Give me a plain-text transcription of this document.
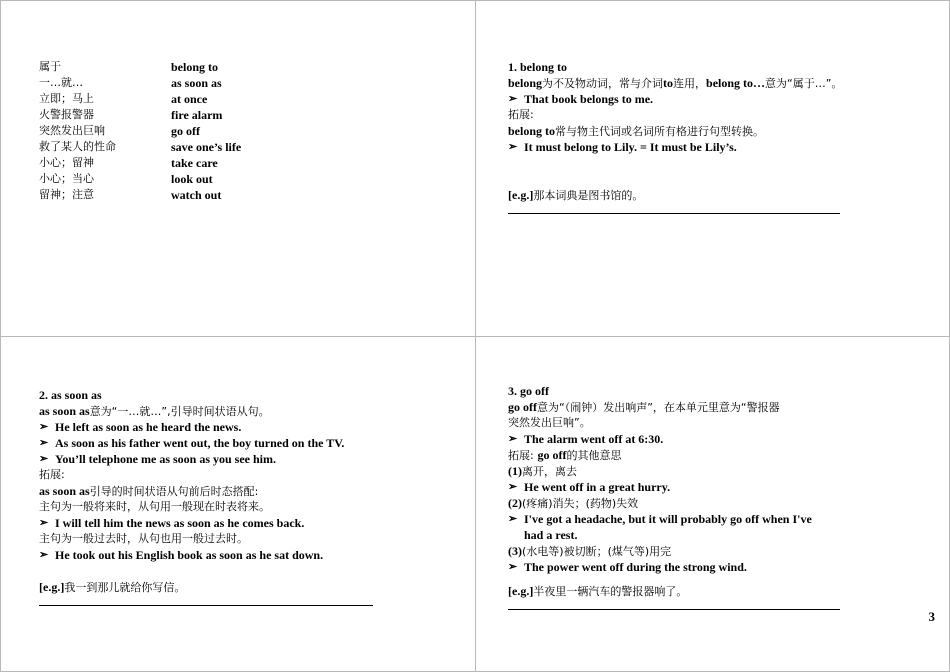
属于	belong to
一…就…	as soon as
立即；马上	at once
火警报警器	fire alarm
突然发出巨响	go off
救了某人的性命	save one’s life
小心；留神	take care
小心；当心	look out
留神；注意	watch out
1. belong to
belong为不及物动词，常与介词to连用，belong to…意为“属于…”。
➢ That book belongs to me.
拓展:
belong to常与物主代词或名词所有格进行句型转换。
➢ It must belong to Lily. = It must be Lily’s.
[e.g.]那本词典是图书馆的。
2. as soon as
as soon as意为“一…就…”,引导时间状语从句。
➢ He left as soon as he heard the news.
➢ As soon as his father went out, the boy turned on the TV.
➢ You’ll telephone me as soon as you see him.
拓展:
as soon as引导的时间状语从句前后时态搭配:
主句为一般将来时，从句用一般现在时表将来。
➢ I will tell him the news as soon as he comes back.
主句为一般过去时，从句也用一般过去时。
➢ He took out his English book as soon as he sat down.
[e.g.]我一到那儿就给你写信。
3. go off
go off意为“（闹钟）发出响声”，在本单元里意为“警报器
突然发出巨响”。
➢ The alarm went off at 6:30.
拓展: go off的其他意思
(1)离开，离去
➢ He went off in a great hurry.
(2)(疼痛)消失；(药物)失效
➢ I've got a headache, but it will probably go off when I've
had a rest.
(3)(水电等)被切断；(煤气等)用完
➢ The power went off during the strong wind.
[e.g.]半夜里一辆汽车的警报器响了。
3
